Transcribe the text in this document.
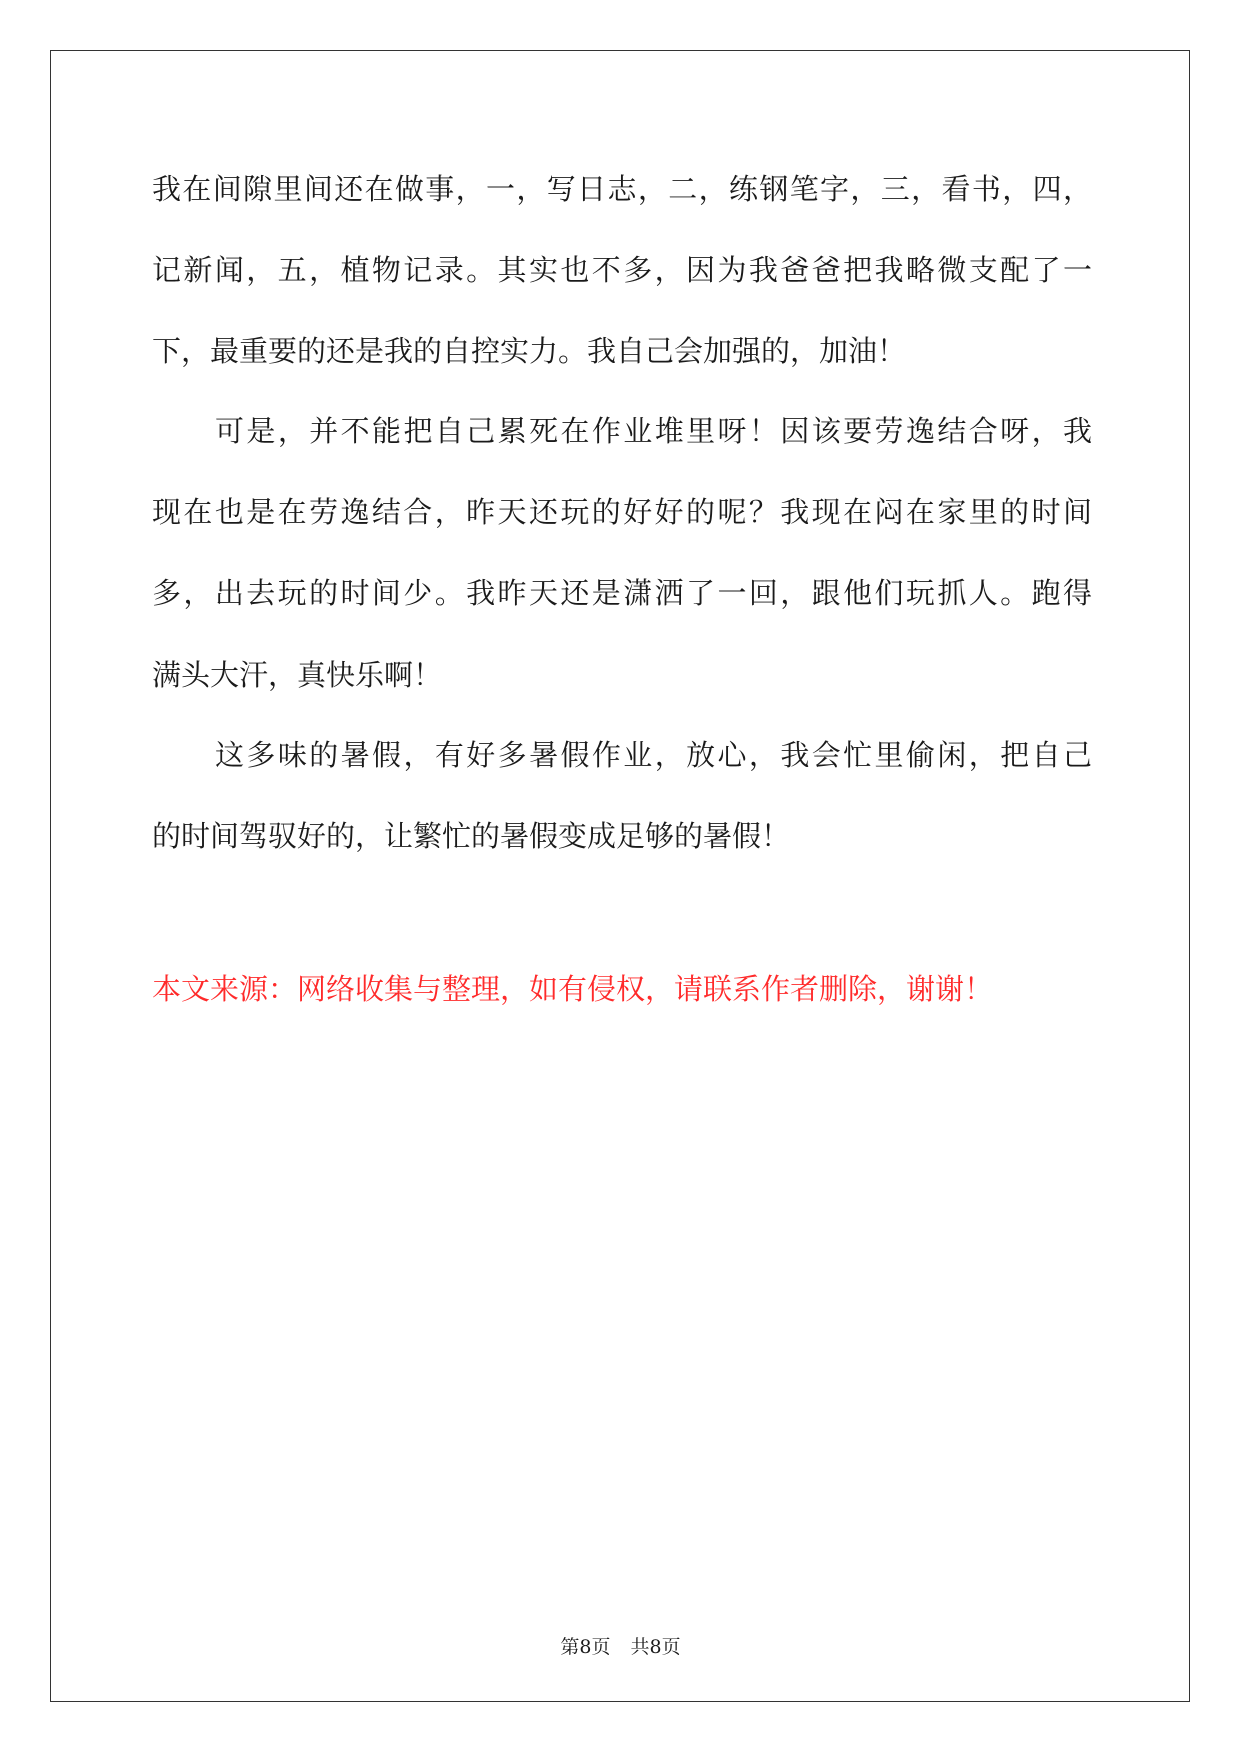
我在间隙里间还在做事，一，写日志，二，练钢笔字，三，看书，四，
记新闻，五，植物记录。其实也不多，因为我爸爸把我略微支配了一
下，最重要的还是我的自控实力。我自己会加强的，加油！
可是，并不能把自己累死在作业堆里呀！因该要劳逸结合呀，我
现在也是在劳逸结合，昨天还玩的好好的呢？我现在闷在家里的时间
多，出去玩的时间少。我昨天还是潇洒了一回，跟他们玩抓人。跑得
满头大汗，真快乐啊！
这多味的暑假，有好多暑假作业，放心，我会忙里偷闲，把自己
的时间驾驭好的，让繁忙的暑假变成足够的暑假！
本文来源：网络收集与整理，如有侵权，请联系作者删除，谢谢！
第8页 共8页
